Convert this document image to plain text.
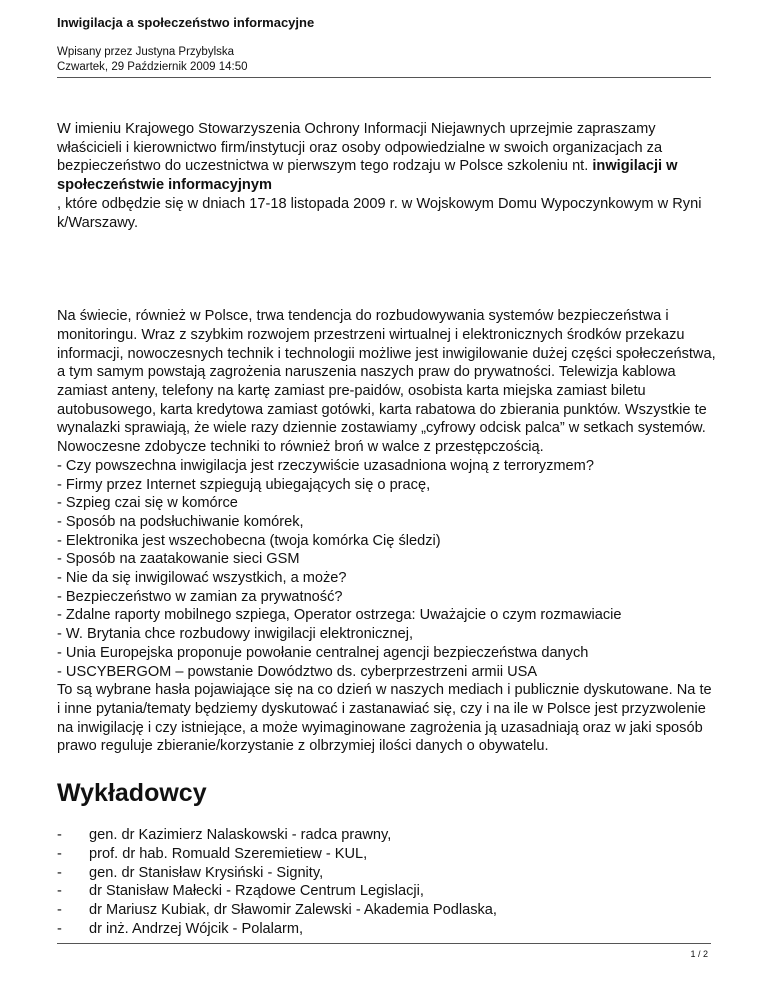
Inwigilacja a społeczeństwo informacyjne
Wpisany przez Justyna Przybylska
Czwartek, 29 Październik 2009 14:50

W imieniu Krajowego Stowarzyszenia Ochrony Informacji Niejawnych uprzejmie zapraszamy właścicieli i kierownictwo firm/instytucji oraz osoby odpowiedzialne w swoich organizacjach za bezpieczeństwo do uczestnictwa w pierwszym tego rodzaju w Polsce szkoleniu nt. inwigilacji w społeczeństwie informacyjnym
, które odbędzie się w dniach 17-18 listopada 2009 r. w Wojskowym Domu Wypoczynkowym w Ryni k/Warszawy.

Na świecie, również w Polsce, trwa tendencja do rozbudowywania systemów bezpieczeństwa i monitoringu. Wraz z szybkim rozwojem przestrzeni wirtualnej i elektronicznych środków przekazu informacji, nowoczesnych technik i technologii możliwe jest inwigilowanie dużej części społeczeństwa, a tym samym powstają zagrożenia naruszenia naszych praw do prywatności. Telewizja kablowa zamiast anteny, telefony na kartę zamiast pre-paidów, osobista karta miejska zamiast biletu autobusowego, karta kredytowa zamiast gotówki, karta rabatowa do zbierania punktów. Wszystkie te wynalazki sprawiają, że wiele razy dziennie zostawiamy „cyfrowy odcisk palca” w setkach systemów. Nowoczesne zdobycze techniki to również broń w walce z przestępczością.

- Czy powszechna inwigilacja jest rzeczywiście uzasadniona wojną z terroryzmem?
- Firmy przez Internet szpiegują ubiegających się o pracę,
- Szpieg czai się w komórce
- Sposób na podsłuchiwanie komórek,
- Elektronika jest wszechobecna (twoja komórka Cię śledzi)
- Sposób na zaatakowanie sieci GSM
- Nie da się inwigilować wszystkich, a może?
- Bezpieczeństwo w zamian za prywatność?
- Zdalne raporty mobilnego szpiega, Operator ostrzega: Uważajcie o czym rozmawiacie
- W. Brytania chce rozbudowy inwigilacji elektronicznej,
- Unia Europejska proponuje powołanie centralnej agencji bezpieczeństwa danych
- USCYBERGOM – powstanie Dowództwo ds. cyberprzestrzeni armii USA

To są wybrane hasła pojawiające się na co dzień w naszych mediach i publicznie dyskutowane. Na te i inne pytania/tematy będziemy dyskutować i zastanawiać się, czy i na ile w Polsce jest przyzwolenie na inwigilację i czy istniejące, a może wyimaginowane zagrożenia ją uzasadniają oraz w jaki sposób prawo reguluje zbieranie/korzystanie z olbrzymiej ilości danych o obywatelu.

Wykładowcy
- gen. dr Kazimierz Nalaskowski - radca prawny,
- prof. dr hab. Romuald Szeremietiew - KUL,
- gen. dr Stanisław Krysiński - Signity,
- dr Stanisław Małecki - Rządowe Centrum Legislacji,
- dr Mariusz Kubiak, dr Sławomir Zalewski - Akademia Podlaska,
- dr inż. Andrzej Wójcik - Polalarm,
1 / 2
